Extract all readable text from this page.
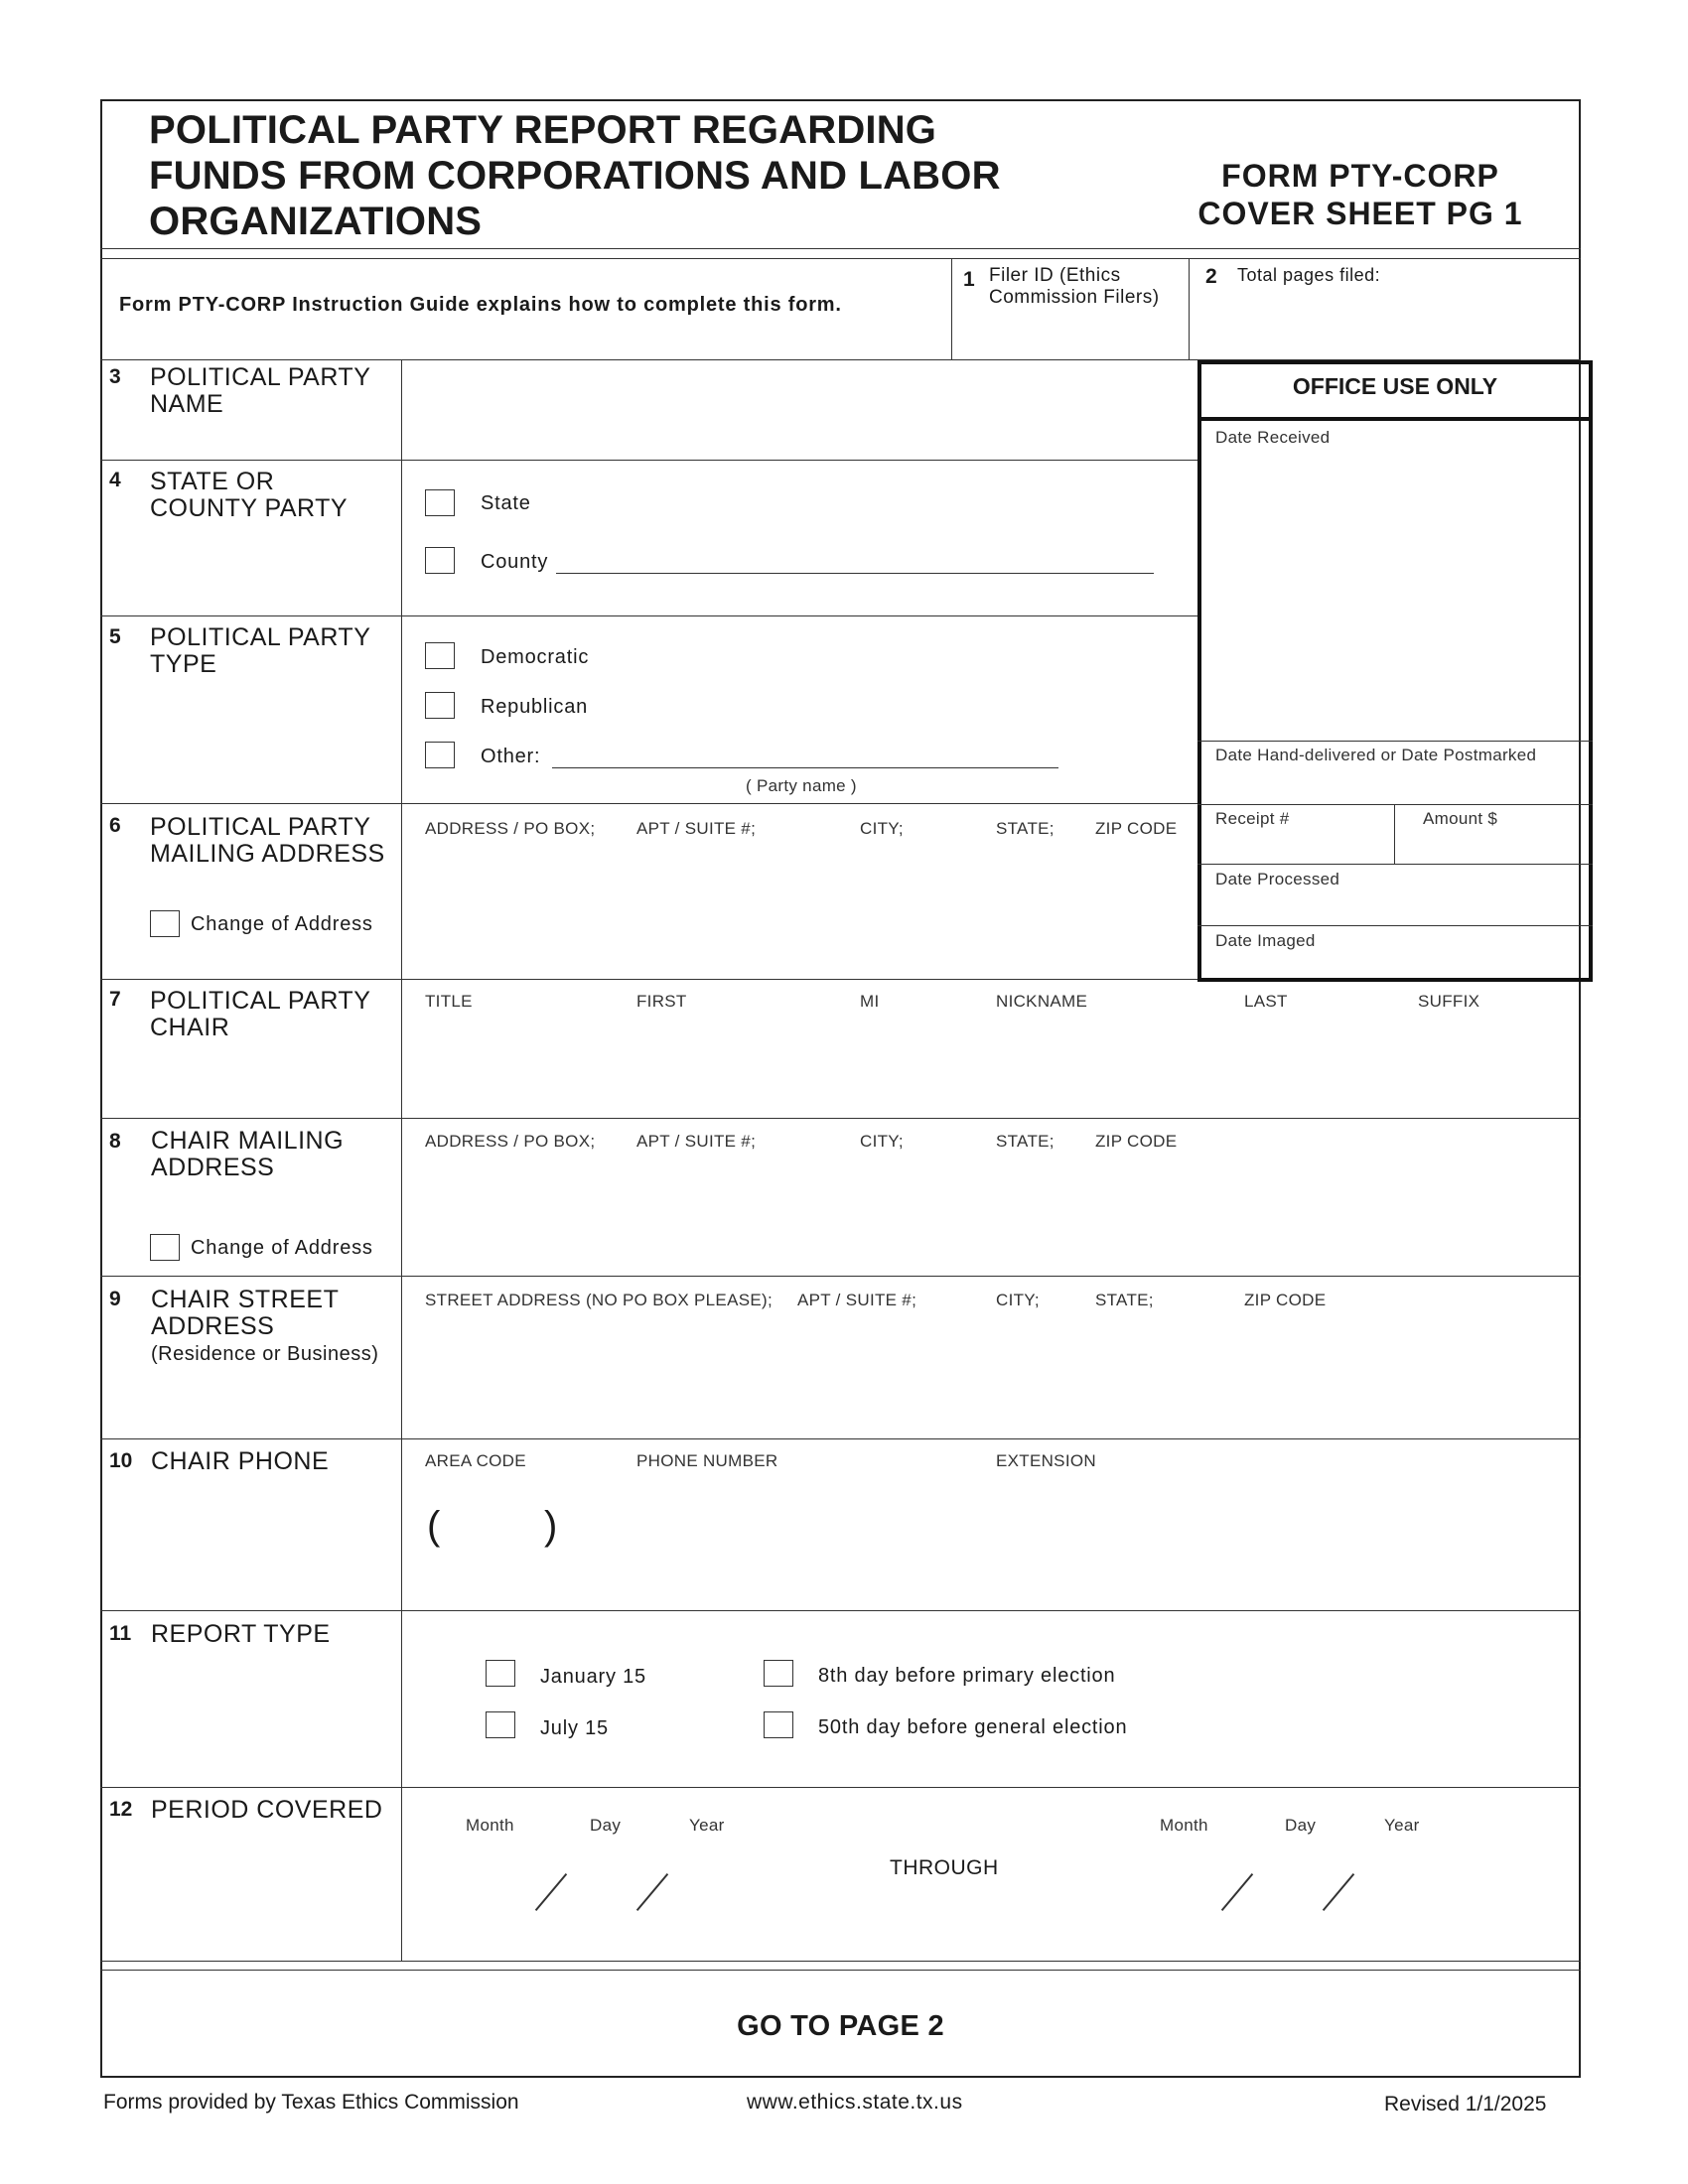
POLITICAL PARTY REPORT REGARDING
FUNDS FROM CORPORATIONS AND LABOR
ORGANIZATIONS
FORM PTY-CORP
COVER SHEET PG 1
Form PTY-CORP Instruction Guide explains how to complete this form.
1 Filer ID (Ethics
Commission Filers)
2 Total pages filed:
OFFICE USE ONLY
Date Received
Date Hand-delivered or Date Postmarked
Receipt #	Amount $
Date Processed
Date Imaged
3 POLITICAL PARTY
NAME
4 STATE OR
COUNTY PARTY	State
County
5 POLITICAL PARTY
TYPE	Democratic
Republican
Other:
( Party name )
6 POLITICAL PARTY
MAILING ADDRESS
Change of Address
ADDRESS / PO BOX; APT / SUITE #;	CITY;	STATE; ZIP CODE
7 POLITICAL PARTY
CHAIR
TITLE	FIRST	MI	NICKNAME	LAST	SUFFIX
8 CHAIR MAILING
ADDRESS
Change of Address
ADDRESS / PO BOX; APT / SUITE #;	CITY;	STATE; ZIP CODE
9 CHAIR STREET
ADDRESS
(Residence or Business)
STREET ADDRESS (NO PO BOX PLEASE); APT / SUITE #;	CITY;	STATE;	ZIP CODE
10 CHAIR PHONE	AREA CODE	PHONE NUMBER	EXTENSION
(	)
11 REPORT TYPE
January 15
July 15
8th day before primary election
50th day before general election
12 PERIOD COVERED
Month	Day	Year
THROUGH
Month	Day	Year
GO TO PAGE 2
Forms provided by Texas Ethics Commission	www.ethics.state.tx.us	Revised 1/1/2025
